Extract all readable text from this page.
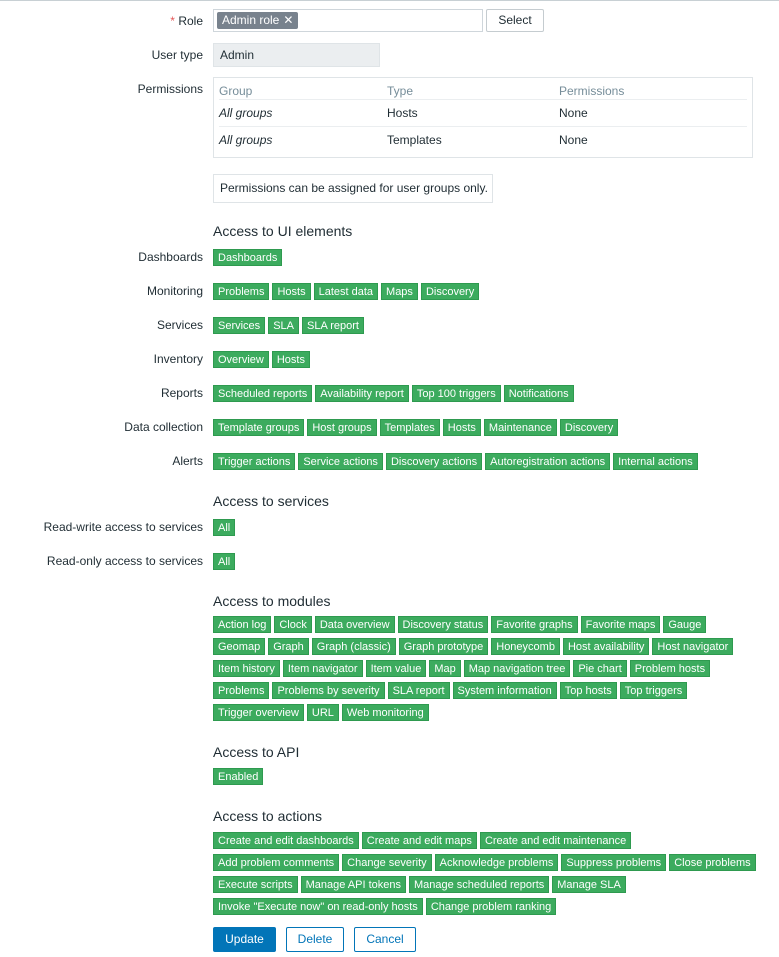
* Role	Admin role ✕	Select
User type	Admin
Permissions Group	Type	Permissions
All groups	Hosts	None
All groups	Templates	None
Permissions can be assigned for user groups only.
Access to UI elements
Dashboards	Dashboards
Monitoring	Problems	Hosts	Latest data	Maps	Discovery
Services	Services	SLA	SLA report
Inventory	Overview	Hosts
Reports	Scheduled reports	Availability report	Top 100 triggers	Notifications
Data collection	Template groups	Host groups	Templates	Hosts	Maintenance	Discovery
Alerts	Trigger actions	Service actions	Discovery actions	Autoregistration actions	Internal actions
Access to services
Read-write access to services	All
Read-only access to services	All
Access to modules
Action log	Clock	Data overview	Discovery status	Favorite graphs	Favorite maps	Gauge
Geomap	Graph	Graph (classic)	Graph prototype	Honeycomb	Host availability	Host navigator
Item history	Item navigator	Item value	Map	Map navigation tree	Pie chart	Problem hosts
Problems	Problems by severity	SLA report	System information	Top hosts	Top triggers
Trigger overview	URL	Web monitoring
Access to API
Enabled
Access to actions
Create and edit dashboards	Create and edit maps	Create and edit maintenance
Add problem comments	Change severity	Acknowledge problems	Suppress problems	Close problems
Execute scripts	Manage API tokens	Manage scheduled reports	Manage SLA
Invoke "Execute now" on read-only hosts	Change problem ranking
Update	Delete	Cancel
